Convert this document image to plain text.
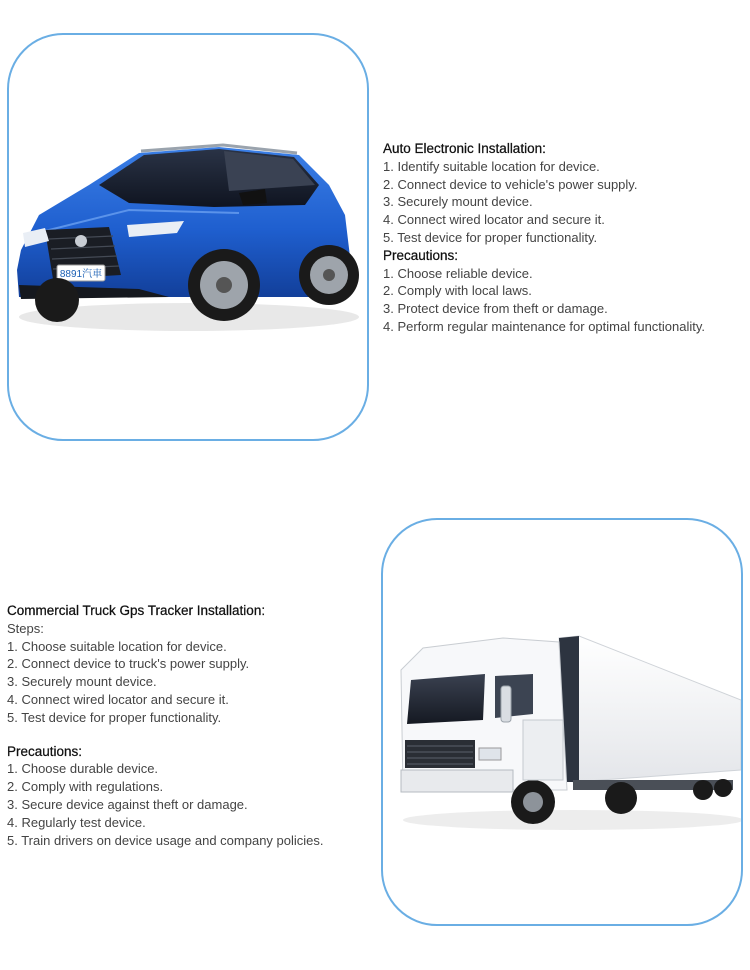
8891汽車
Auto Electronic Installation:
1. Identify suitable location for device.
2. Connect device to vehicle's power supply.
3. Securely mount device.
4. Connect wired locator and secure it.
5. Test device for proper functionality.
Precautions:
1. Choose reliable device.
2. Comply with local laws.
3. Protect device from theft or damage.
4. Perform regular maintenance for optimal functionality.
Commercial Truck Gps Tracker Installation:
Steps:
1. Choose suitable location for device.
2. Connect device to truck's power supply.
3. Securely mount device.
4. Connect wired locator and secure it.
5. Test device for proper functionality.
Precautions:
1. Choose durable device.
2. Comply with regulations.
3. Secure device against theft or damage.
4. Regularly test device.
5. Train drivers on device usage and company policies.
